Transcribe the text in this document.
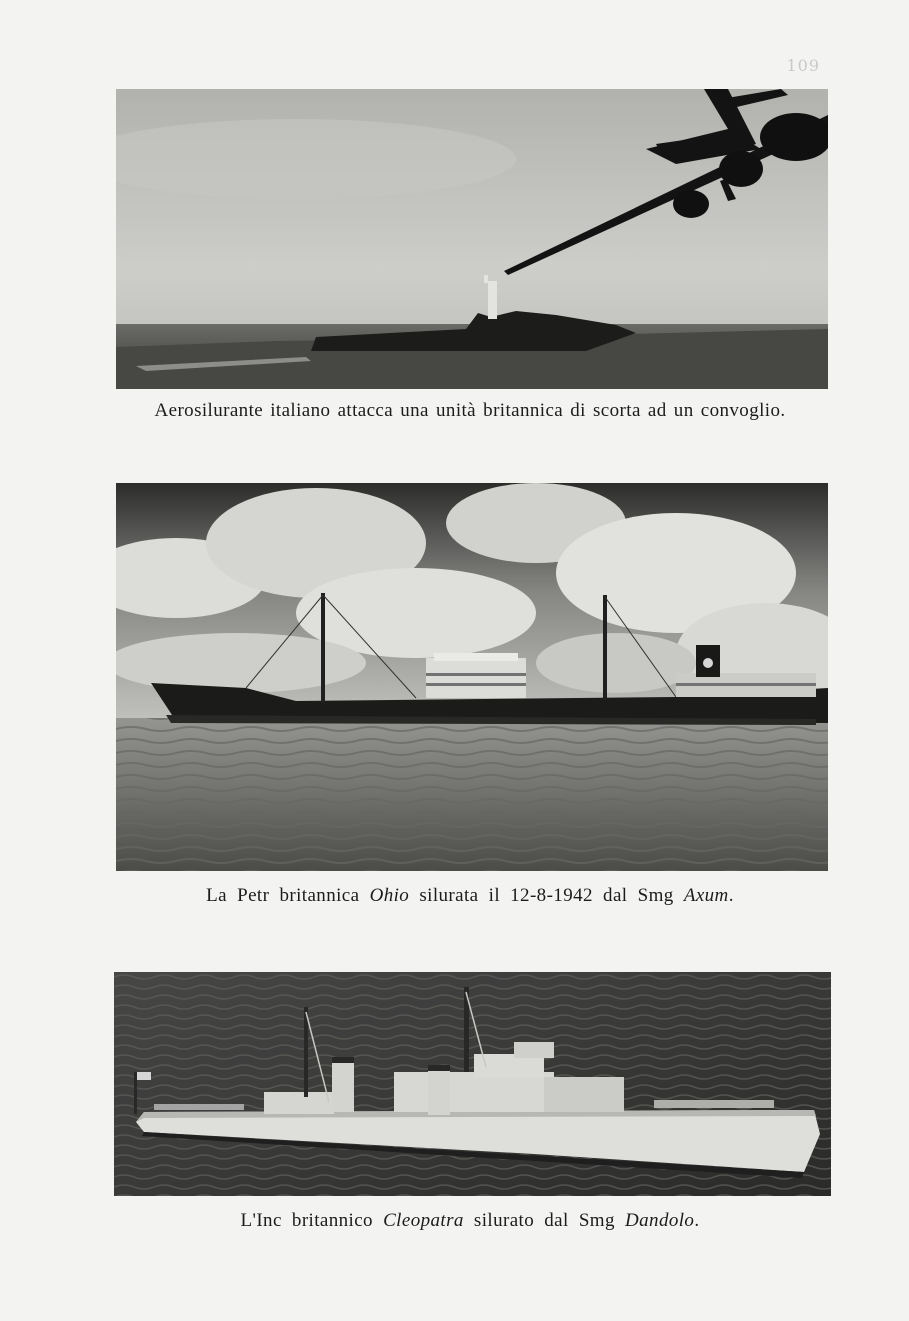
109
Aerosilurante italiano attacca una unità britannica di scorta ad un convoglio.
La Petr britannica Ohio silurata il 12-8-1942 dal Smg Axum.
L'Inc britannico Cleopatra silurato dal Smg Dandolo.
